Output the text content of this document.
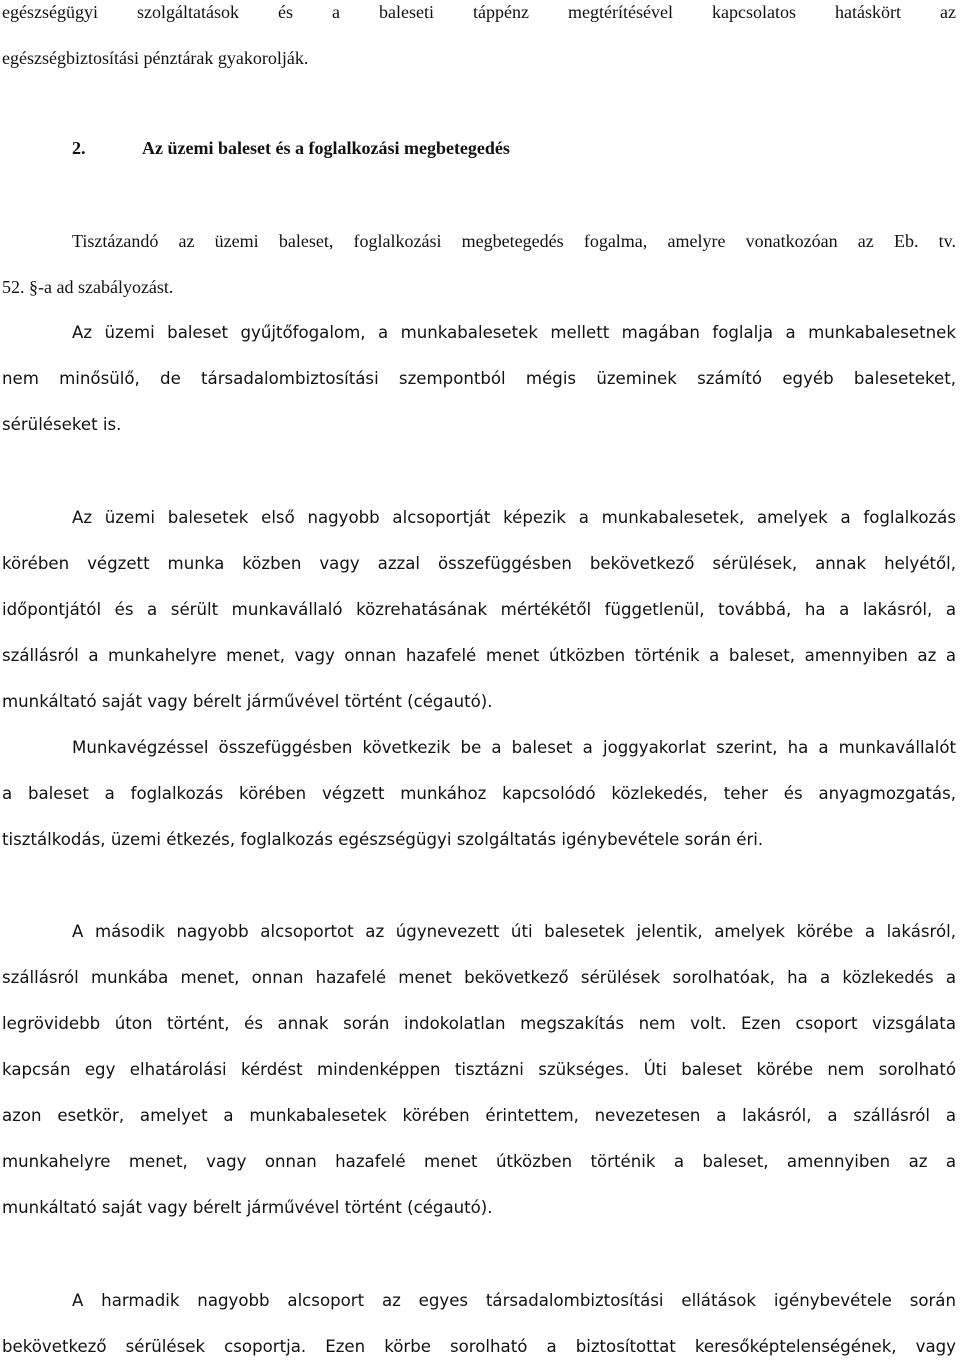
egészségügyi szolgáltatások és a baleseti táppénz megtérítésével kapcsolatos hatáskört az
egészségbiztosítási pénztárak gyakorolják.
2.	Az üzemi baleset és a foglalkozási megbetegedés
Tisztázandó az üzemi baleset, foglalkozási megbetegedés fogalma, amelyre vonatkozóan az Eb. tv.
52. §-a ad szabályozást.
Az üzemi baleset gyűjtőfogalom, a munkabalesetek mellett magában foglalja a munkabalesetnek
nem minősülő, de társadalombiztosítási szempontból mégis üzeminek számító egyéb baleseteket,
sérüléseket is.
Az üzemi balesetek első nagyobb alcsoportját képezik a munkabalesetek, amelyek a foglalkozás
körében végzett munka közben vagy azzal összefüggésben bekövetkező sérülések, annak helyétől,
időpontjától és a sérült munkavállaló közrehatásának mértékétől függetlenül, továbbá, ha a lakásról, a
szállásról a munkahelyre menet, vagy onnan hazafelé menet útközben történik a baleset, amennyiben az a
munkáltató saját vagy bérelt járművével történt (cégautó).
Munkavégzéssel összefüggésben következik be a baleset a joggyakorlat szerint, ha a munkavállalót
a baleset a foglalkozás körében végzett munkához kapcsolódó közlekedés, teher és anyagmozgatás,
tisztálkodás, üzemi étkezés, foglalkozás egészségügyi szolgáltatás igénybevétele során éri.
A második nagyobb alcsoportot az úgynevezett úti balesetek jelentik, amelyek körébe a lakásról,
szállásról munkába menet, onnan hazafelé menet bekövetkező sérülések sorolhatóak, ha a közlekedés a
legrövidebb úton történt, és annak során indokolatlan megszakítás nem volt. Ezen csoport vizsgálata
kapcsán egy elhatárolási kérdést mindenképpen tisztázni szükséges. Úti baleset körébe nem sorolható
azon esetkör, amelyet a munkabalesetek körében érintettem, nevezetesen a lakásról, a szállásról a
munkahelyre menet, vagy onnan hazafelé menet útközben történik a baleset, amennyiben az a
munkáltató saját vagy bérelt járművével történt (cégautó).
A harmadik nagyobb alcsoport az egyes társadalombiztosítási ellátások igénybevétele során
bekövetkező sérülések csoportja. Ezen körbe sorolható a biztosítottat keresőképtelenségének, vagy
